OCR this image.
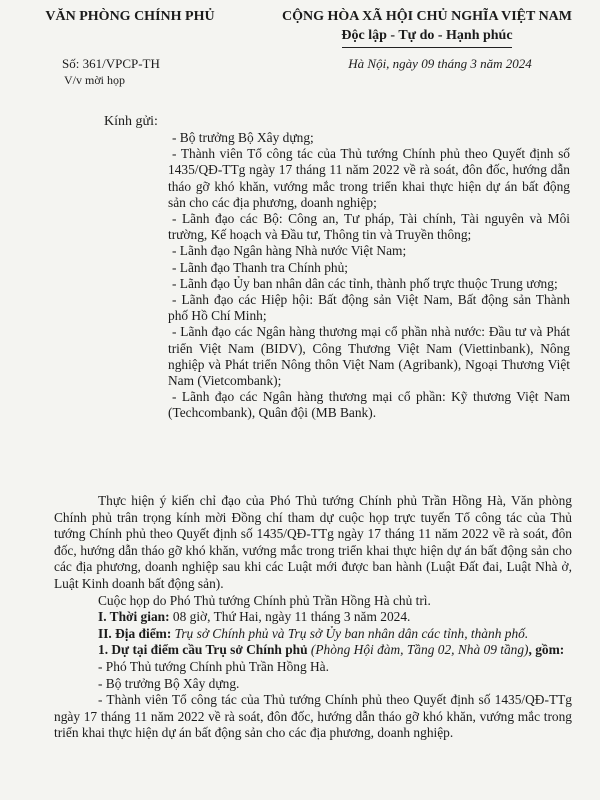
VĂN PHÒNG CHÍNH PHỦ	CỘNG HÒA XÃ HỘI CHỦ NGHĨA VIỆT NAM
Độc lập - Tự do - Hạnh phúc
Số: 361/VPCP-TH
V/v mời họp
Hà Nội, ngày 09 tháng 3 năm 2024
Kính gửi:
- Bộ trưởng Bộ Xây dựng;
- Thành viên Tổ công tác của Thủ tướng Chính phủ theo Quyết định số 1435/QĐ-TTg ngày 17 tháng 11 năm 2022 về rà soát, đôn đốc, hướng dẫn tháo gỡ khó khăn, vướng mắc trong triển khai thực hiện dự án bất động sản cho các địa phương, doanh nghiệp;
- Lãnh đạo các Bộ: Công an, Tư pháp, Tài chính, Tài nguyên và Môi trường, Kế hoạch và Đầu tư, Thông tin và Truyền thông;
- Lãnh đạo Ngân hàng Nhà nước Việt Nam;
- Lãnh đạo Thanh tra Chính phủ;
- Lãnh đạo Ủy ban nhân dân các tỉnh, thành phố trực thuộc Trung ương;
- Lãnh đạo các Hiệp hội: Bất động sản Việt Nam, Bất động sản Thành phố Hồ Chí Minh;
- Lãnh đạo các Ngân hàng thương mại cổ phần nhà nước: Đầu tư và Phát triển Việt Nam (BIDV), Công Thương Việt Nam (Viettinbank), Nông nghiệp và Phát triển Nông thôn Việt Nam (Agribank), Ngoại Thương Việt Nam (Vietcombank);
- Lãnh đạo các Ngân hàng thương mại cổ phần: Kỹ thương Việt Nam (Techcombank), Quân đội (MB Bank).

Thực hiện ý kiến chỉ đạo của Phó Thủ tướng Chính phủ Trần Hồng Hà, Văn phòng Chính phủ trân trọng kính mời Đồng chí tham dự cuộc họp trực tuyến Tổ công tác của Thủ tướng Chính phủ theo Quyết định số 1435/QĐ-TTg ngày 17 tháng 11 năm 2022 về rà soát, đôn đốc, hướng dẫn tháo gỡ khó khăn, vướng mắc trong triển khai thực hiện dự án bất động sản cho các địa phương, doanh nghiệp sau khi các Luật mới được ban hành (Luật Đất đai, Luật Nhà ở, Luật Kinh doanh bất động sản).

Cuộc họp do Phó Thủ tướng Chính phủ Trần Hồng Hà chủ trì.

I. Thời gian: 08 giờ, Thứ Hai, ngày 11 tháng 3 năm 2024.

II. Địa điểm: Trụ sở Chính phủ và Trụ sở Ủy ban nhân dân các tỉnh, thành phố.

1. Dự tại điểm cầu Trụ sở Chính phủ (Phòng Hội đàm, Tầng 02, Nhà 09 tầng), gồm:

- Phó Thủ tướng Chính phủ Trần Hồng Hà.

- Bộ trưởng Bộ Xây dựng.

- Thành viên Tổ công tác của Thủ tướng Chính phủ theo Quyết định số 1435/QĐ-TTg ngày 17 tháng 11 năm 2022 về rà soát, đôn đốc, hướng dẫn tháo gỡ khó khăn, vướng mắc trong triển khai thực hiện dự án bất động sản cho các địa phương, doanh nghiệp.
